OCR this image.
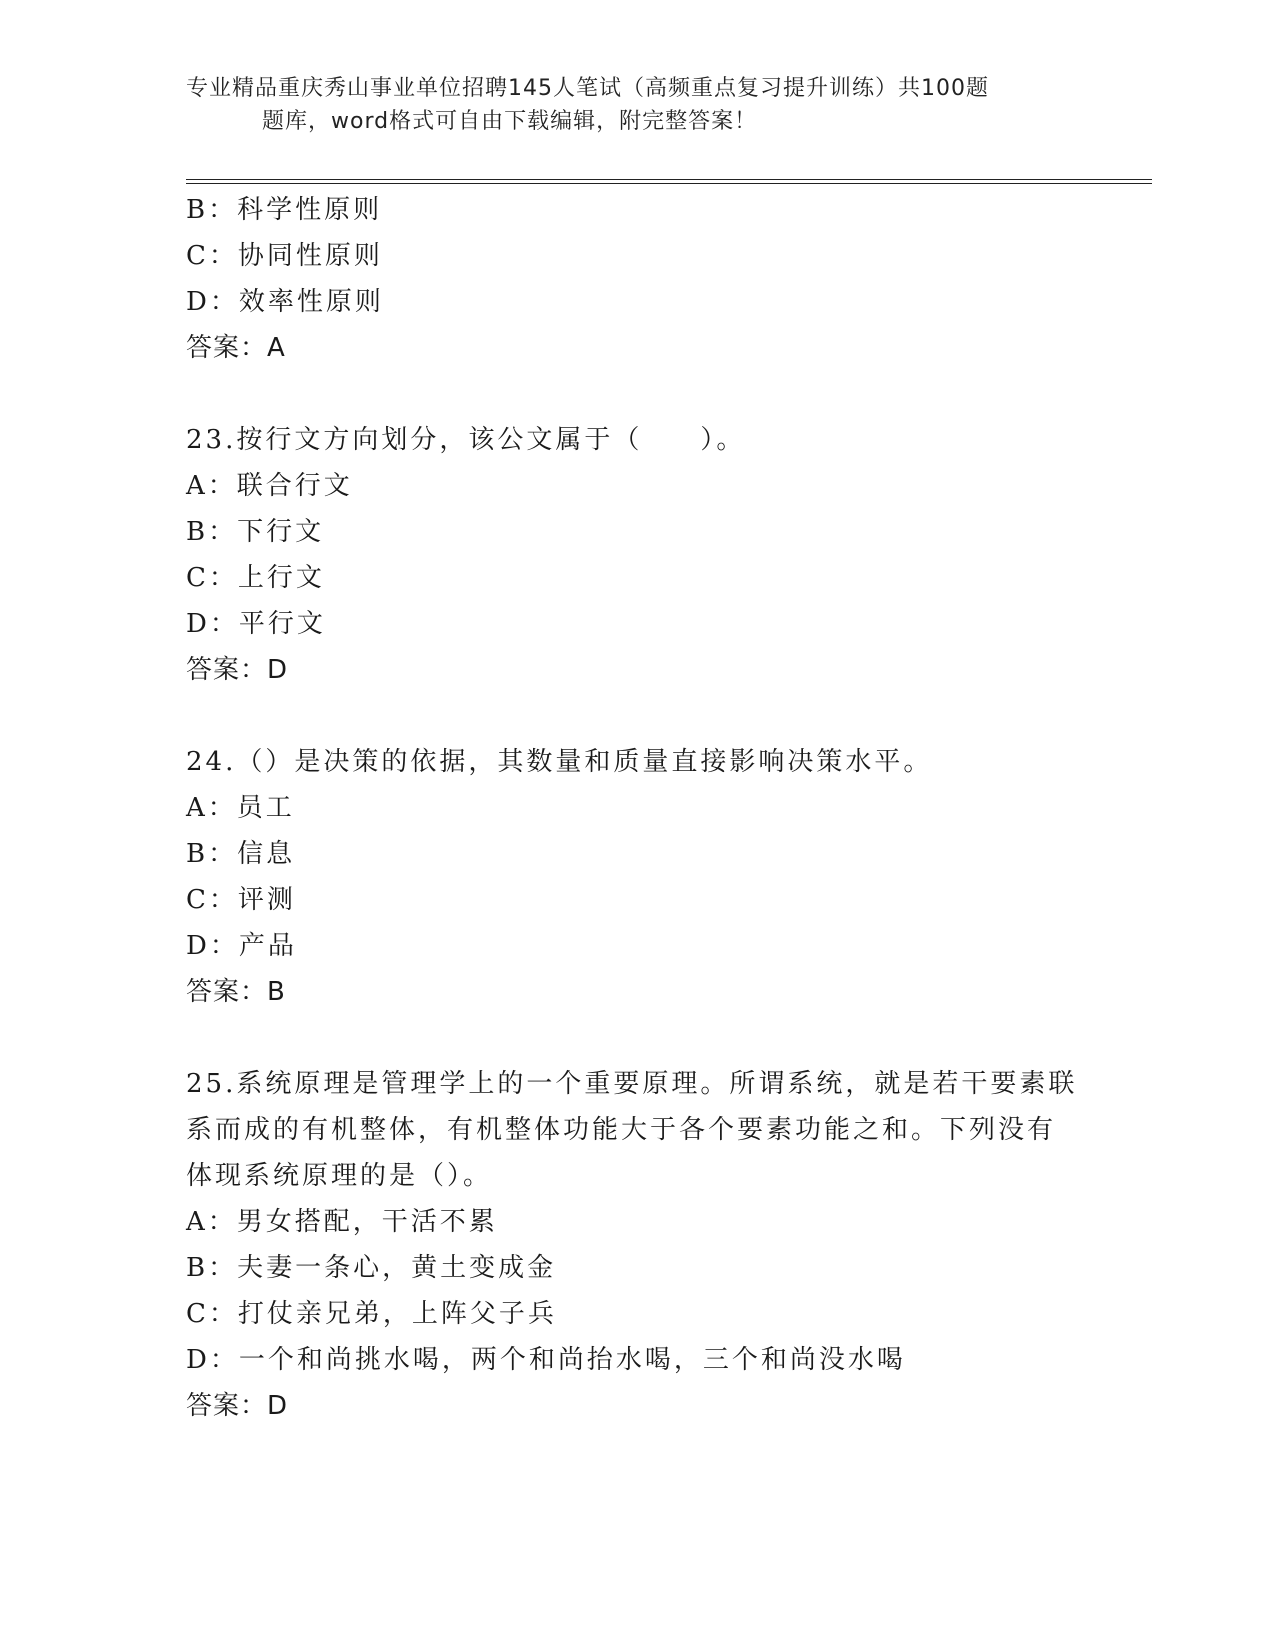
专业精品重庆秀山事业单位招聘145人笔试（高频重点复习提升训练）共100题
题库，word格式可自由下载编辑，附完整答案！
B：科学性原则
C：协同性原则
D：效率性原则
答案：A
23.按行文方向划分，该公文属于（　　）。
A：联合行文
B：下行文
C：上行文
D：平行文
答案：D
24.（）是决策的依据，其数量和质量直接影响决策水平。
A：员工
B：信息
C：评测
D：产品
答案：B
25.系统原理是管理学上的一个重要原理。所谓系统，就是若干要素联
系而成的有机整体，有机整体功能大于各个要素功能之和。下列没有
体现系统原理的是（）。
A：男女搭配，干活不累
B：夫妻一条心，黄土变成金
C：打仗亲兄弟，上阵父子兵
D：一个和尚挑水喝，两个和尚抬水喝，三个和尚没水喝
答案：D
